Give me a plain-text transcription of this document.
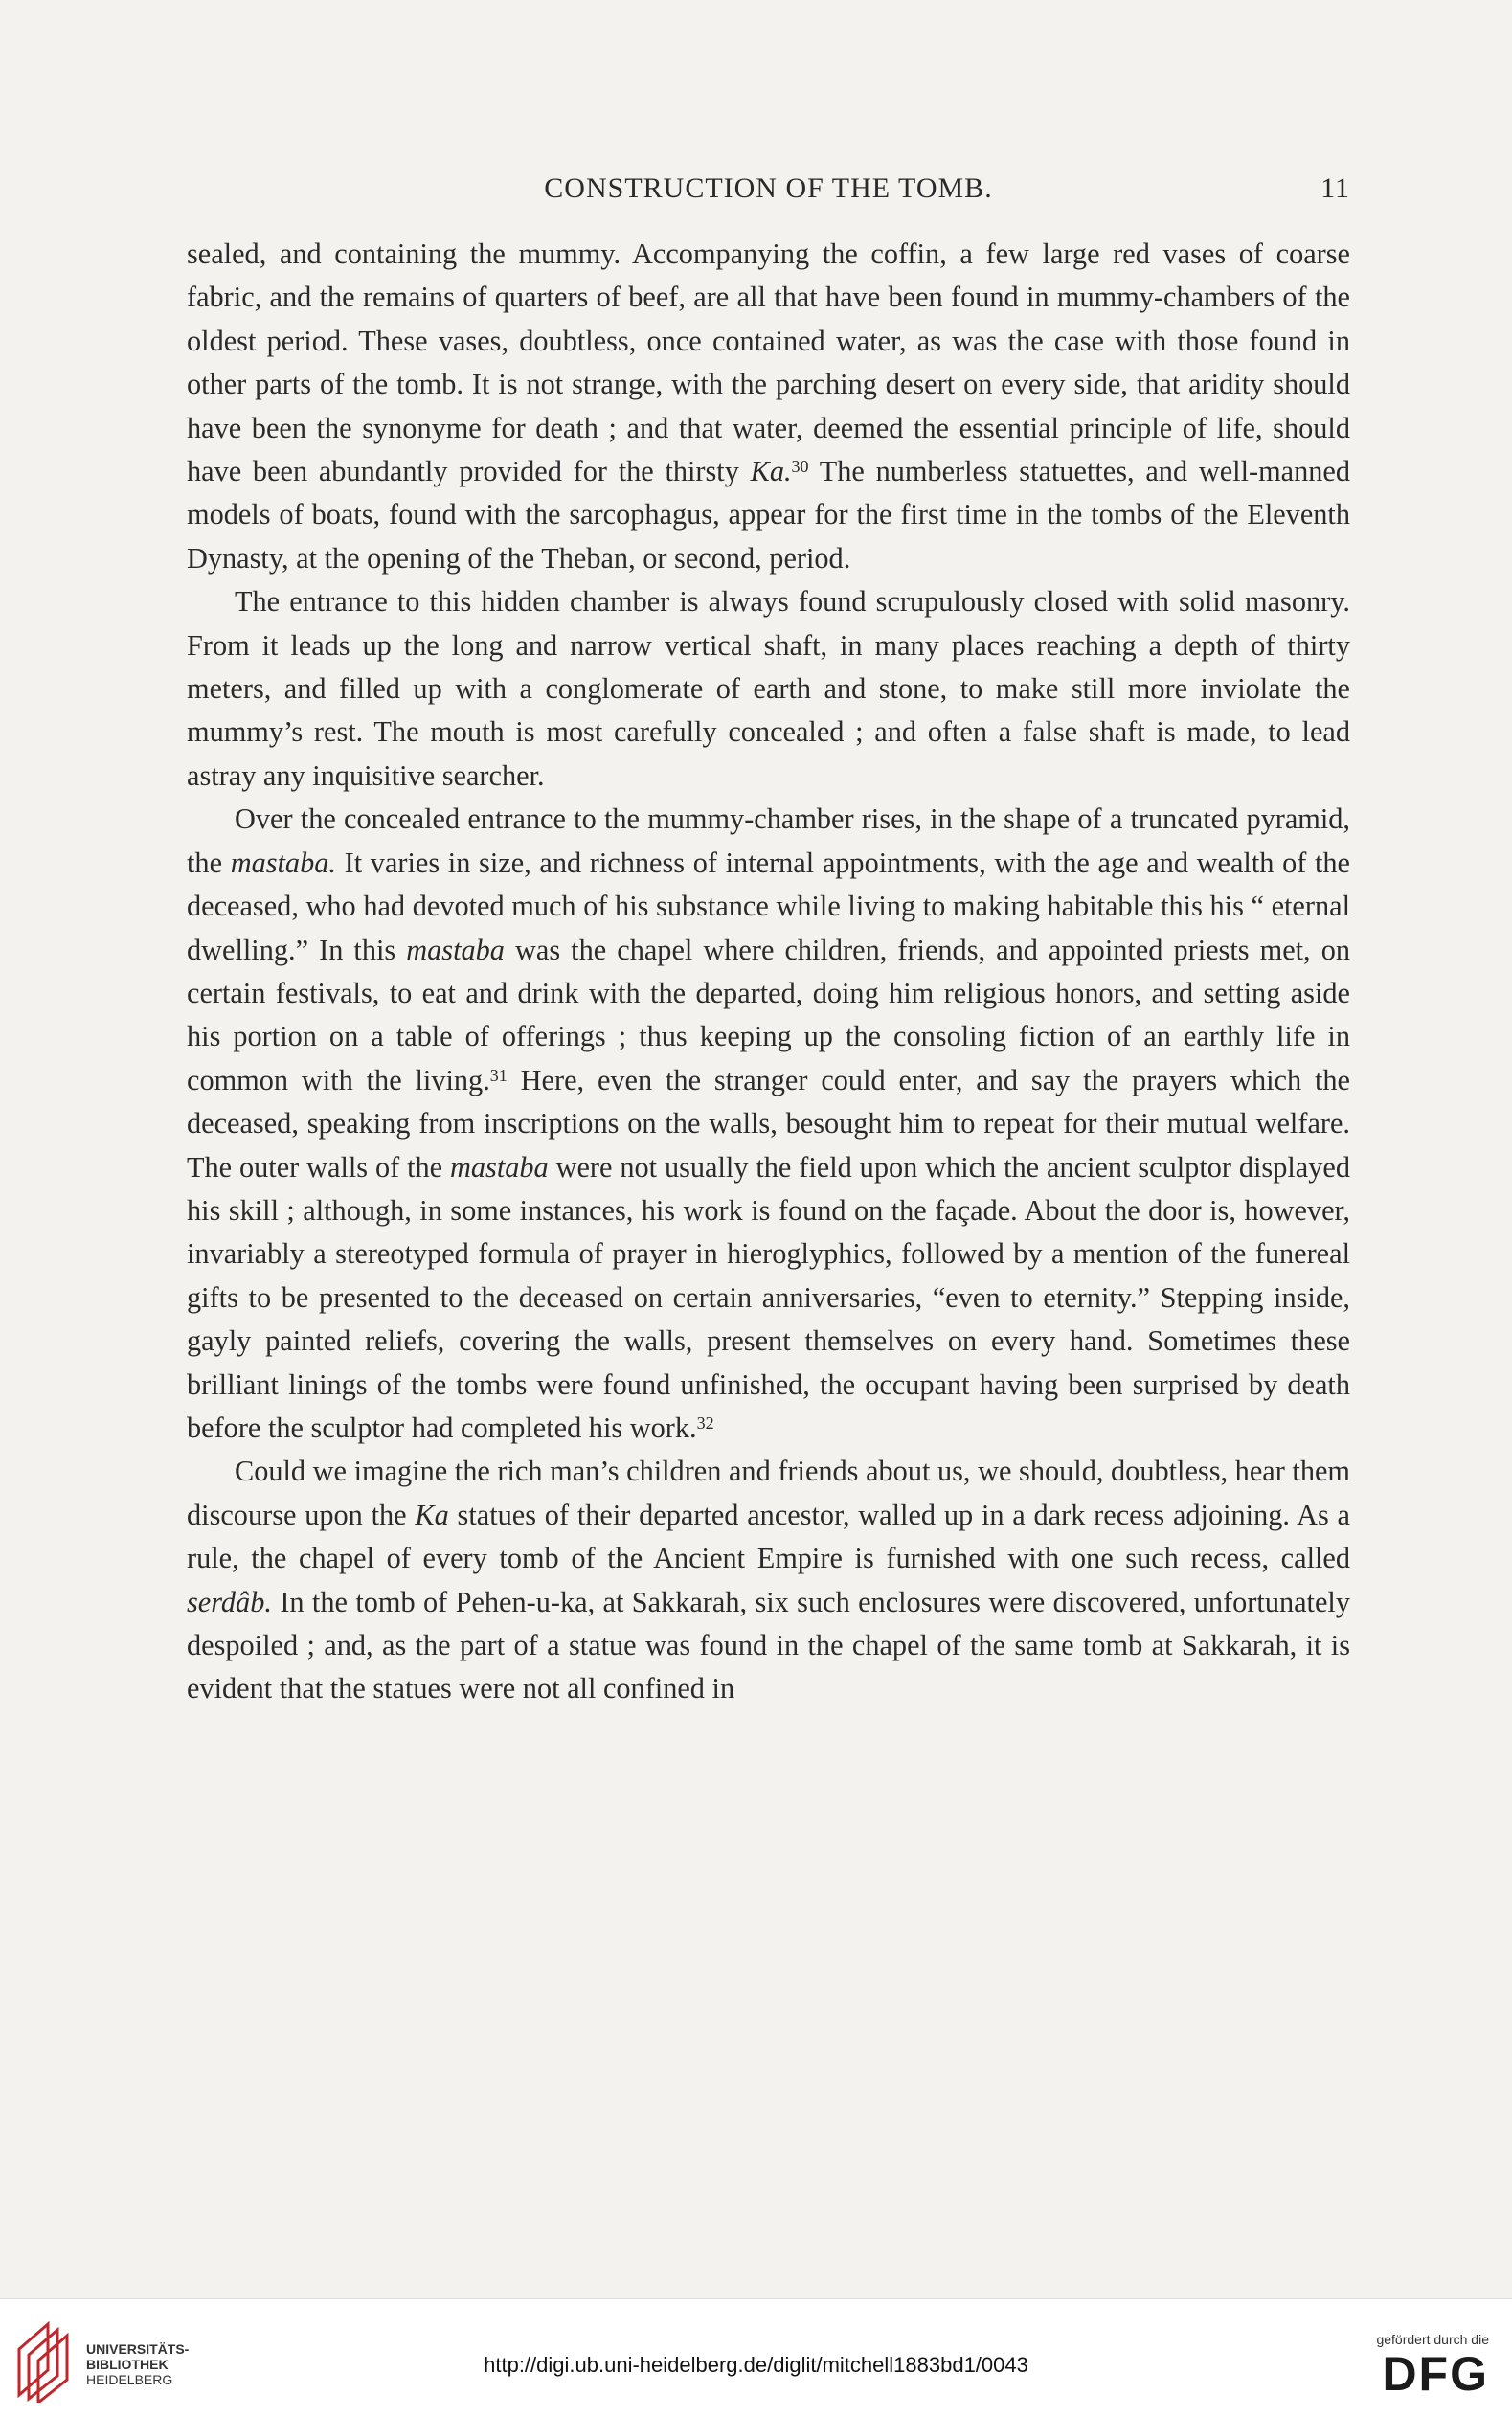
CONSTRUCTION OF THE TOMB.	11

sealed, and containing the mummy. Accompanying the coffin, a few large red vases of coarse fabric, and the remains of quarters of beef, are all that have been found in mummy-chambers of the oldest period. These vases, doubtless, once contained water, as was the case with those found in other parts of the tomb. It is not strange, with the parching desert on every side, that aridity should have been the synonyme for death ; and that water, deemed the essential principle of life, should have been abundantly provided for the thirsty Ka.$^{30}$ The numberless statuettes, and well-manned models of boats, found with the sarcophagus, appear for the first time in the tombs of the Eleventh Dynasty, at the opening of the Theban, or second, period.

The entrance to this hidden chamber is always found scrupulously closed with solid masonry. From it leads up the long and narrow vertical shaft, in many places reaching a depth of thirty meters, and filled up with a conglomerate of earth and stone, to make still more inviolate the mummy’s rest. The mouth is most carefully concealed ; and often a false shaft is made, to lead astray any inquisitive searcher.

Over the concealed entrance to the mummy-chamber rises, in the shape of a truncated pyramid, the mastaba. It varies in size, and richness of internal appointments, with the age and wealth of the deceased, who had devoted much of his substance while living to making habitable this his “ eternal dwelling.” In this mastaba was the chapel where children, friends, and appointed priests met, on certain festivals, to eat and drink with the departed, doing him religious honors, and setting aside his portion on a table of offerings ; thus keeping up the consoling fiction of an earthly life in common with the living.$^{31}$ Here, even the stranger could enter, and say the prayers which the deceased, speaking from inscriptions on the walls, besought him to repeat for their mutual welfare. The outer walls of the mastaba were not usually the field upon which the ancient sculptor displayed his skill ; although, in some instances, his work is found on the façade. About the door is, however, invariably a stereotyped formula of prayer in hieroglyphics, followed by a mention of the funereal gifts to be presented to the deceased on certain anniversaries, “even to eternity.” Stepping inside, gayly painted reliefs, covering the walls, present themselves on every hand. Sometimes these brilliant linings of the tombs were found unfinished, the occupant having been surprised by death before the sculptor had completed his work.$^{32}$

Could we imagine the rich man’s children and friends about us, we should, doubtless, hear them discourse upon the Ka statues of their departed ancestor, walled up in a dark recess adjoining. As a rule, the chapel of every tomb of the Ancient Empire is furnished with one such recess, called serdâb. In the tomb of Pehen-u-ka, at Sakkarah, six such enclosures were discovered, unfortunately despoiled ; and, as the part of a statue was found in the chapel of the same tomb at Sakkarah, it is evident that the statues were not all confined in

UNIVERSITÄTS-
BIBLIOTHEK
HEIDELBERG
http://digi.ub.uni-heidelberg.de/diglit/mitchell1883bd1/0043
gefördert durch die
DFG
